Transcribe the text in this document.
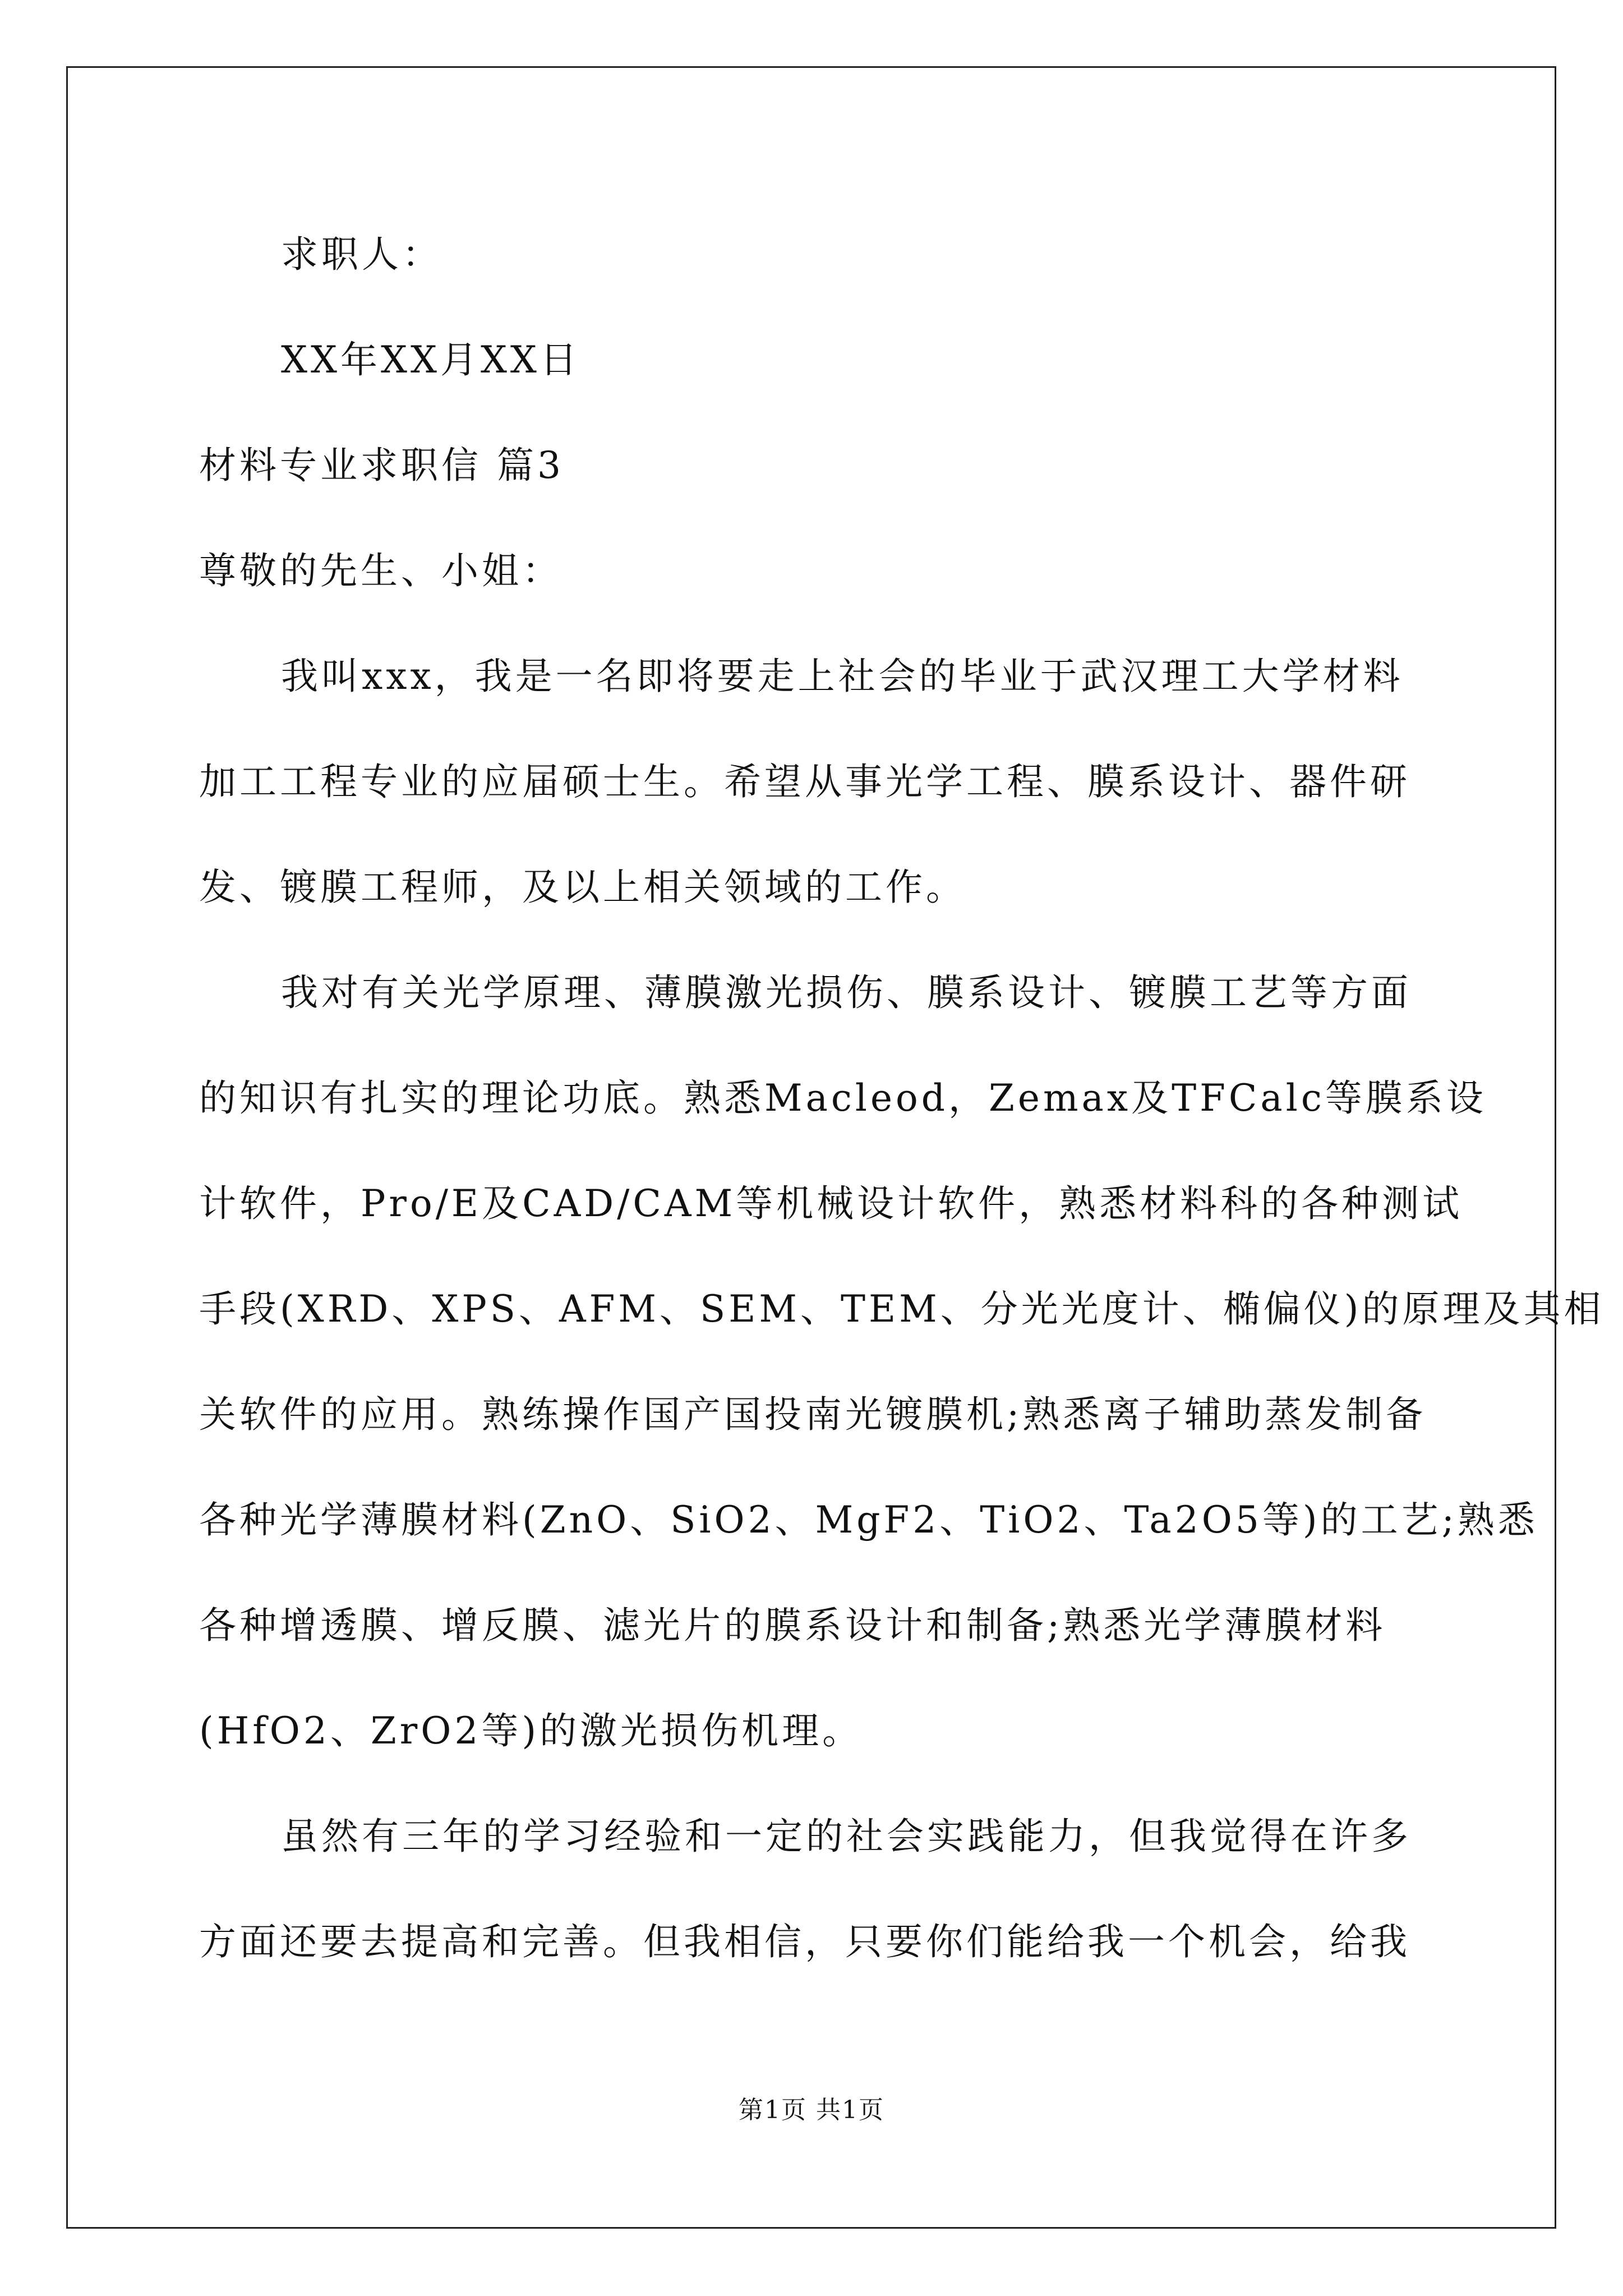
求职人：
XX年XX月XX日
材料专业求职信 篇3
尊敬的先生、小姐：
我叫xxx，我是一名即将要走上社会的毕业于武汉理工大学材料
加工工程专业的应届硕士生。希望从事光学工程、膜系设计、器件研
发、镀膜工程师，及以上相关领域的工作。
我对有关光学原理、薄膜激光损伤、膜系设计、镀膜工艺等方面
的知识有扎实的理论功底。熟悉Macleod，Zemax及TFCalc等膜系设
计软件，Pro/E及CAD/CAM等机械设计软件，熟悉材料科的各种测试
手段(XRD、XPS、AFM、SEM、TEM、分光光度计、椭偏仪)的原理及其相
关软件的应用。熟练操作国产国投南光镀膜机;熟悉离子辅助蒸发制备
各种光学薄膜材料(ZnO、SiO2、MgF2、TiO2、Ta2O5等)的工艺;熟悉
各种增透膜、增反膜、滤光片的膜系设计和制备;熟悉光学薄膜材料
(HfO2、ZrO2等)的激光损伤机理。
虽然有三年的学习经验和一定的社会实践能力，但我觉得在许多
方面还要去提高和完善。但我相信，只要你们能给我一个机会，给我
第1页 共1页
